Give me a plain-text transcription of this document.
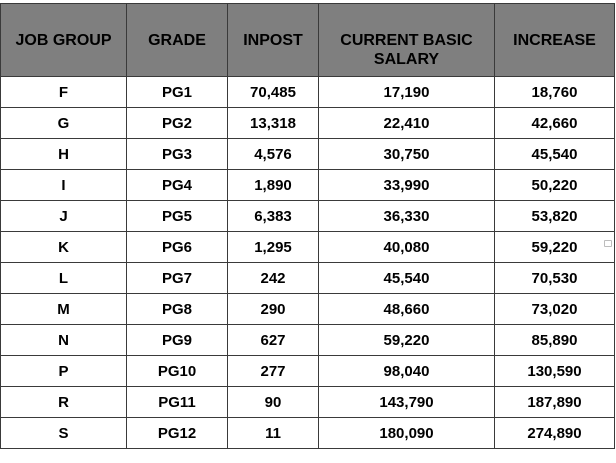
JOB GROUP	GRADE	INPOST	CURRENT BASIC SALARY	INCREASE
F	PG1	70,485	17,190	18,760
G	PG2	13,318	22,410	42,660
H	PG3	4,576	30,750	45,540
I	PG4	1,890	33,990	50,220
J	PG5	6,383	36,330	53,820
K	PG6	1,295	40,080	59,220
L	PG7	242	45,540	70,530
M	PG8	290	48,660	73,020
N	PG9	627	59,220	85,890
P	PG10	277	98,040	130,590
R	PG11	90	143,790	187,890
S	PG12	11	180,090	274,890
